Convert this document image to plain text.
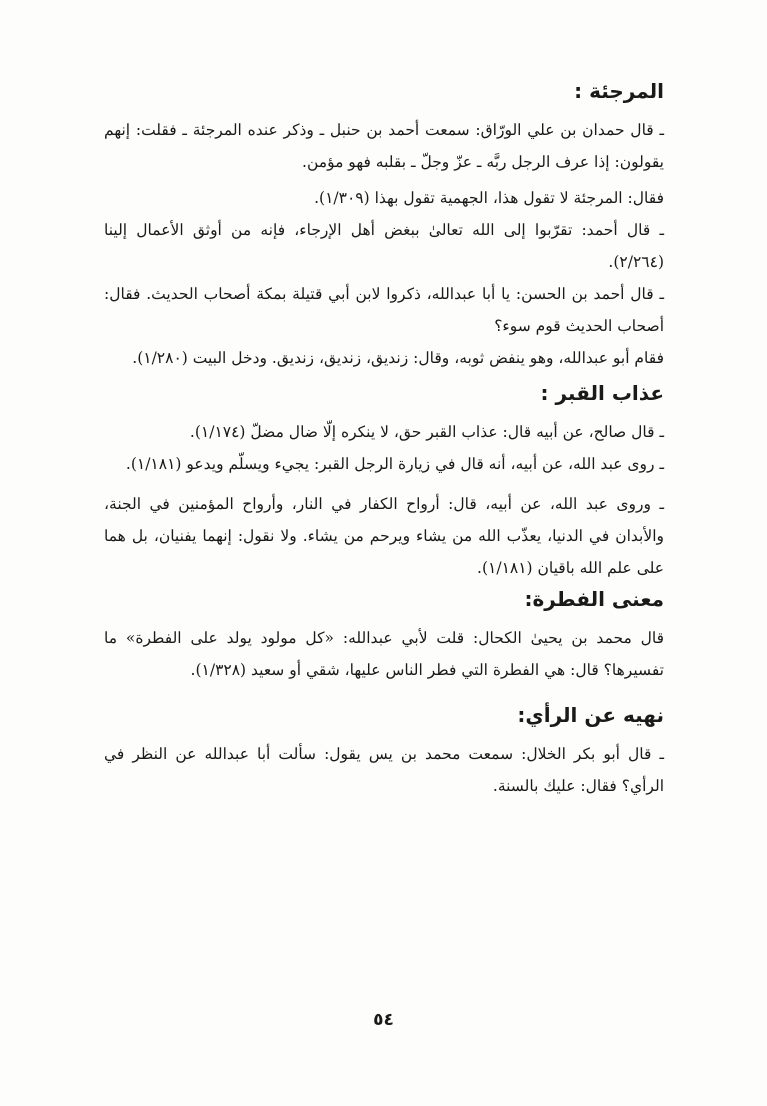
المرجئة :

ـ قال حمدان بن علي الورّاق: سمعت أحمد بن حنبل ـ وذكر عنده المرجئة ـ فقلت: إنهم يقولون: إذا عرف الرجل ربَّه ـ عزّ وجلّ ـ بقلبه فهو مؤمن.

فقال: المرجئة لا تقول هذا، الجهمية تقول بهذا (١/٣٠٩).

ـ قال أحمد: تقرّبوا إلى الله تعالىٰ ببغض أهل الإرجاء، فإنه من أوثق الأعمال إلينا (٢/٢٦٤).

ـ قال أحمد بن الحسن: يا أبا عبدالله، ذكروا لابن أبي قتيلة بمكة أصحاب الحديث. فقال: أصحاب الحديث قوم سوء؟

فقام أبو عبدالله، وهو ينفض ثوبه، وقال: زنديق، زنديق، زنديق. ودخل البيت (١/٢٨٠).

عذاب القبر :

ـ قال صالح، عن أبيه قال: عذاب القبر حق، لا ينكره إلّا ضال مضلّ (١/١٧٤).

ـ روى عبد الله، عن أبيه، أنه قال في زيارة الرجل القبر: يجيء ويسلّم ويدعو (١/١٨١).

ـ وروى عبد الله، عن أبيه، قال: أرواح الكفار في النار، وأرواح المؤمنين في الجنة، والأبدان في الدنيا، يعذّب الله من يشاء ويرحم من يشاء. ولا نقول: إنهما يفنيان، بل هما على علم الله باقيان (١/١٨١).

معنى الفطرة:

قال محمد بن يحيىٰ الكحال: قلت لأبي عبدالله: «كل مولود يولد على الفطرة» ما تفسيرها؟ قال: هي الفطرة التي فطر الناس عليها، شقي أو سعيد (١/٣٢٨).

نهيه عن الرأي:

ـ قال أبو بكر الخلال: سمعت محمد بن يس يقول: سألت أبا عبدالله عن النظر في الرأي؟ فقال: عليك بالسنة.

٥٤
